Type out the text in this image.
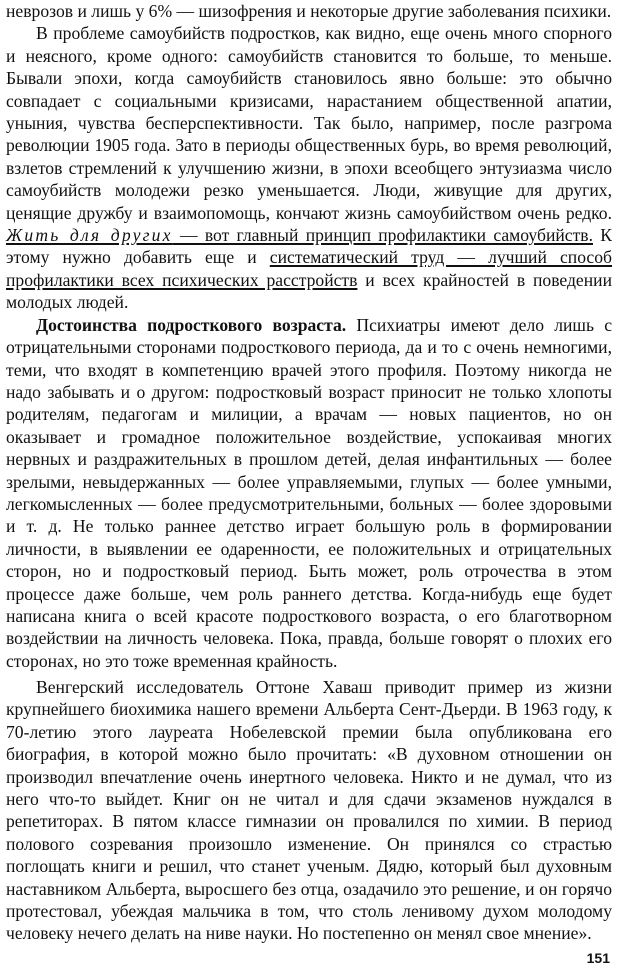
неврозов и лишь у 6% — шизофрения и некоторые другие заболевания психики.

В проблеме самоубийств подростков, как видно, еще очень много спорного и неясного, кроме одного: самоубийств становится то больше, то меньше. Бывали эпохи, когда самоубийств становилось явно больше: это обычно совпадает с социальными кризисами, нарастанием общественной апатии, уныния, чувства бесперспективности. Так было, например, после разгрома революции 1905 года. Зато в периоды общественных бурь, во время революций, взлетов стремлений к улучшению жизни, в эпохи всеобщего энтузиазма число самоубийств молодежи резко уменьшается. Люди, живущие для других, ценящие дружбу и взаимопомощь, кончают жизнь самоубийством очень редко. Жить для других — вот главный принцип профилактики самоубийств. К этому нужно добавить еще и систематический труд — лучший способ профилактики всех психических расстройств и всех крайностей в поведении молодых людей.

Достоинства подросткового возраста. Психиатры имеют дело лишь с отрицательными сторонами подросткового периода, да и то с очень немногими, теми, что входят в компетенцию врачей этого профиля. Поэтому никогда не надо забывать и о другом: подростковый возраст приносит не только хлопоты родителям, педагогам и милиции, а врачам — новых пациентов, но он оказывает и громадное положительное воздействие, успокаивая многих нервных и раздражительных в прошлом детей, делая инфантильных — более зрелыми, невыдержанных — более управляемыми, глупых — более умными, легкомысленных — более предусмотрительными, больных — более здоровыми и т. д. Не только раннее детство играет большую роль в формировании личности, в выявлении ее одаренности, ее положительных и отрицательных сторон, но и подростковый период. Быть может, роль отрочества в этом процессе даже больше, чем роль раннего детства. Когда-нибудь еще будет написана книга о всей красоте подросткового возраста, о его благотворном воздействии на личность человека. Пока, правда, больше говорят о плохих его сторонах, но это тоже временная крайность.

Венгерский исследователь Оттоне Хаваш приводит пример из жизни крупнейшего биохимика нашего времени Альберта Сент-Дьерди. В 1963 году, к 70-летию этого лауреата Нобелевской премии была опубликована его биография, в которой можно было прочитать: «В духовном отношении он производил впечатление очень инертного человека. Никто и не думал, что из него что-то выйдет. Книг он не читал и для сдачи экзаменов нуждался в репетиторах. В пятом классе гимназии он провалился по химии. В период полового созревания произошло изменение. Он принялся со страстью поглощать книги и решил, что станет ученым. Дядю, который был духовным наставником Альберта, выросшего без отца, озадачило это решение, и он горячо протестовал, убеждая мальчика в том, что столь ленивому духом молодому человеку нечего делать на ниве науки. Но постепенно он менял свое мнение».

151
